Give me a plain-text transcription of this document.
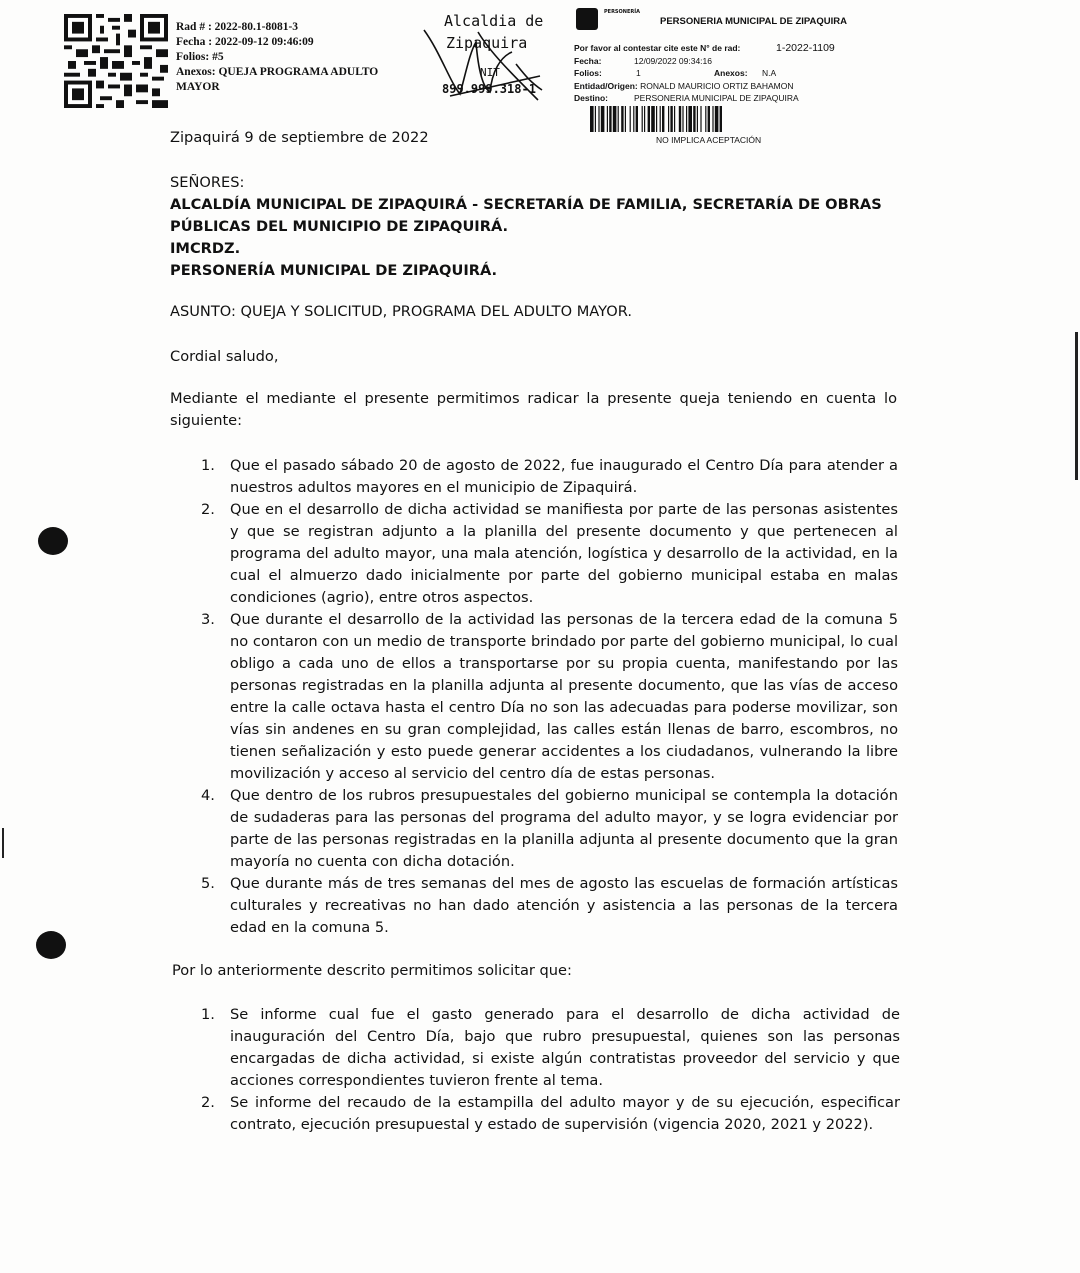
Rad # : 2022-80.1-8081-3
Fecha : 2022-09-12 09:46:09
Folios: #5
Anexos: QUEJA PROGRAMA ADULTO MAYOR
Alcaldia de
Zipaquira
NIT
899.999.318-1
PERSONERÍA
PERSONERIA MUNICIPAL DE ZIPAQUIRA
Por favor al contestar cite este N° de rad:	1-2022-1109
Fecha:	12/09/2022 09:34:16
Folios:	1	Anexos: N.A
Entidad/Origen: RONALD MAURICIO ORTIZ BAHAMON
Destino:	PERSONERIA MUNICIPAL DE ZIPAQUIRA
NO IMPLICA ACEPTACIÓN
Zipaquirá 9 de septiembre de 2022
SEÑORES:
ALCALDÍA MUNICIPAL DE ZIPAQUIRÁ - SECRETARÍA DE FAMILIA, SECRETARÍA DE OBRAS PÚBLICAS DEL MUNICIPIO DE ZIPAQUIRÁ.
IMCRDZ.
PERSONERÍA MUNICIPAL DE ZIPAQUIRÁ.
ASUNTO: QUEJA Y SOLICITUD, PROGRAMA DEL ADULTO MAYOR.
Cordial saludo,
Mediante el mediante el presente permitimos radicar la presente queja teniendo en cuenta lo siguiente:
1. Que el pasado sábado 20 de agosto de 2022, fue inaugurado el Centro Día para atender a nuestros adultos mayores en el municipio de Zipaquirá.
2. Que en el desarrollo de dicha actividad se manifiesta por parte de las personas asistentes y que se registran adjunto a la planilla del presente documento y que pertenecen al programa del adulto mayor, una mala atención, logística y desarrollo de la actividad, en la cual el almuerzo dado inicialmente por parte del gobierno municipal estaba en malas condiciones (agrio), entre otros aspectos.
3. Que durante el desarrollo de la actividad las personas de la tercera edad de la comuna 5 no contaron con un medio de transporte brindado por parte del gobierno municipal, lo cual obligo a cada uno de ellos a transportarse por su propia cuenta, manifestando por las personas registradas en la planilla adjunta al presente documento, que las vías de acceso entre la calle octava hasta el centro Día no son las adecuadas para poderse movilizar, son vías sin andenes en su gran complejidad, las calles están llenas de barro, escombros, no tienen señalización y esto puede generar accidentes a los ciudadanos, vulnerando la libre movilización y acceso al servicio del centro día de estas personas.
4. Que dentro de los rubros presupuestales del gobierno municipal se contempla la dotación de sudaderas para las personas del programa del adulto mayor, y se logra evidenciar por parte de las personas registradas en la planilla adjunta al presente documento que la gran mayoría no cuenta con dicha dotación.
5. Que durante más de tres semanas del mes de agosto las escuelas de formación artísticas culturales y recreativas no han dado atención y asistencia a las personas de la tercera edad en la comuna 5.
Por lo anteriormente descrito permitimos solicitar que:
1. Se informe cual fue el gasto generado para el desarrollo de dicha actividad de inauguración del Centro Día, bajo que rubro presupuestal, quienes son las personas encargadas de dicha actividad, si existe algún contratistas proveedor del servicio y que acciones correspondientes tuvieron frente al tema.
2. Se informe del recaudo de la estampilla del adulto mayor y de su ejecución, especificar contrato, ejecución presupuestal y estado de supervisión (vigencia 2020, 2021 y 2022).
